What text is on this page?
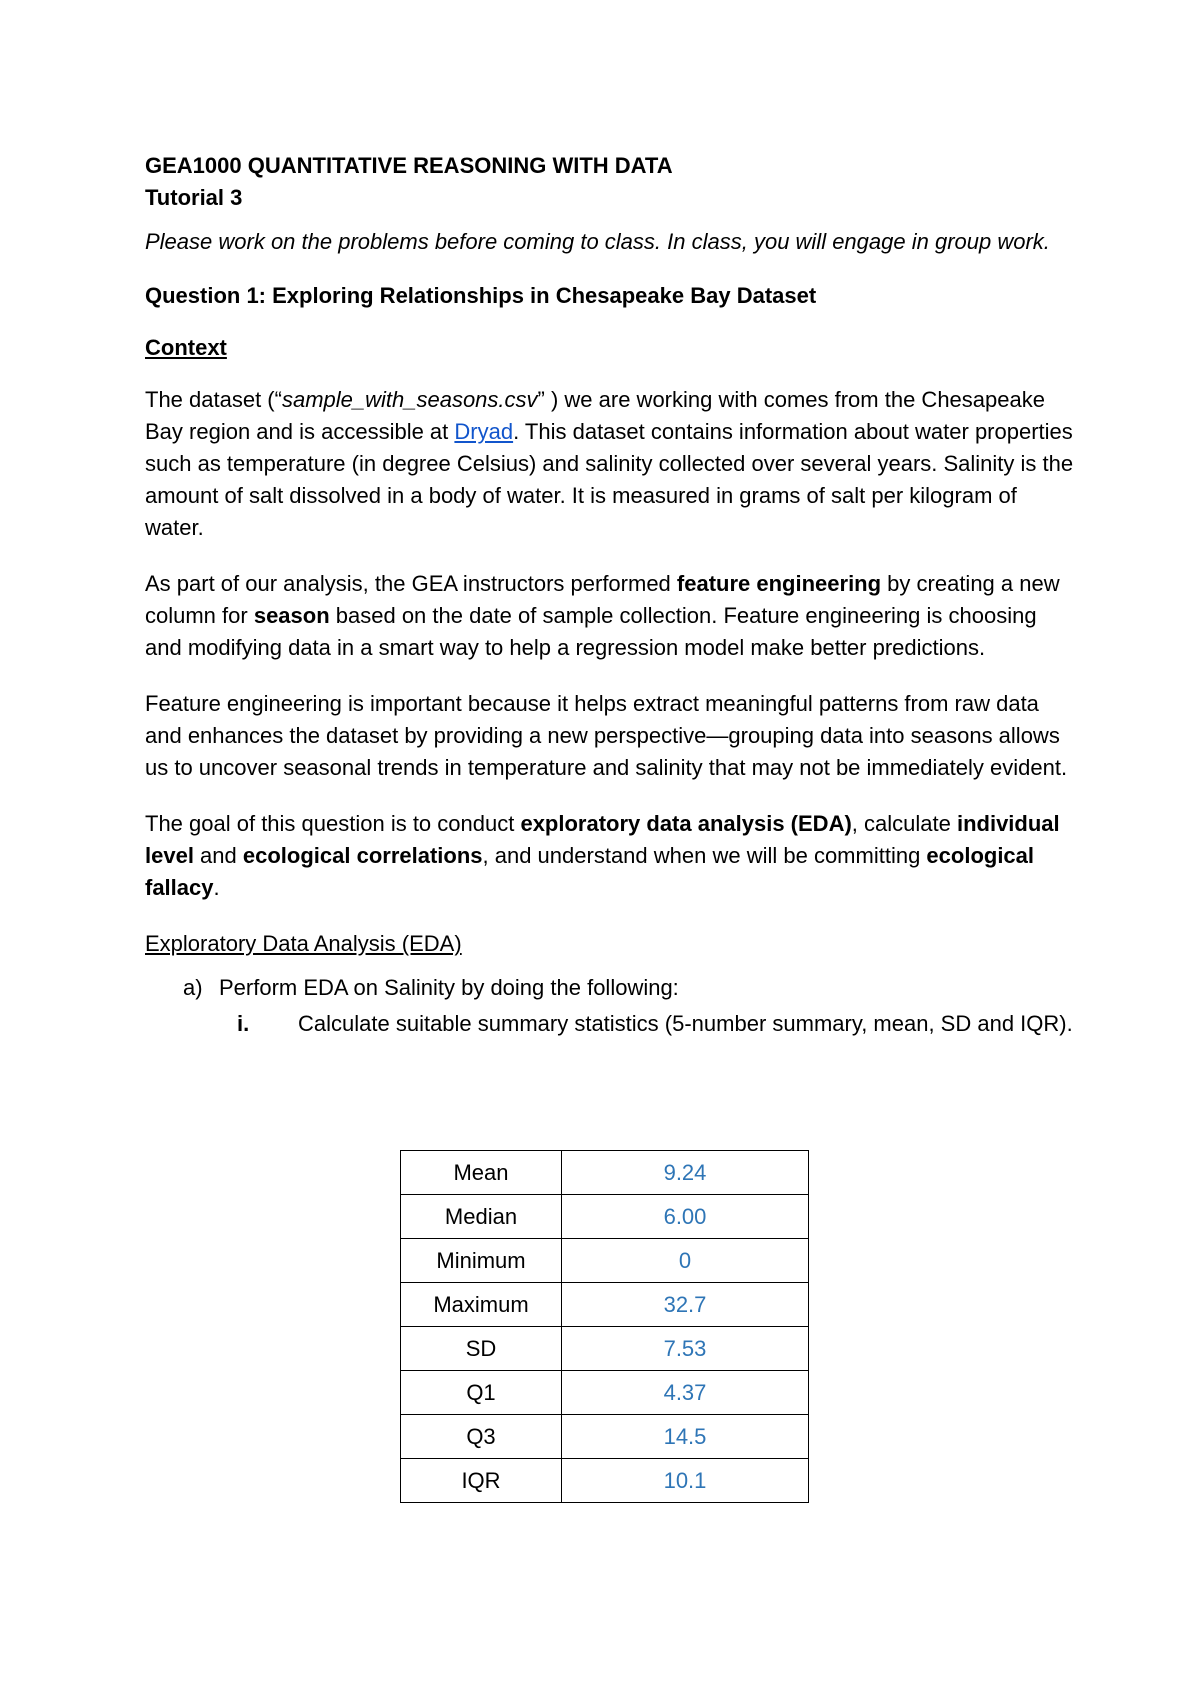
GEA1000 QUANTITATIVE REASONING WITH DATA
Tutorial 3

Please work on the problems before coming to class. In class, you will engage in group work.

Question 1: Exploring Relationships in Chesapeake Bay Dataset

Context

The dataset (“sample_with_seasons.csv” ) we are working with comes from the Chesapeake Bay region and is accessible at Dryad. This dataset contains information about water properties such as temperature (in degree Celsius) and salinity collected over several years. Salinity is the amount of salt dissolved in a body of water. It is measured in grams of salt per kilogram of water.

As part of our analysis, the GEA instructors performed feature engineering by creating a new column for season based on the date of sample collection. Feature engineering is choosing and modifying data in a smart way to help a regression model make better predictions.

Feature engineering is important because it helps extract meaningful patterns from raw data and enhances the dataset by providing a new perspective—grouping data into seasons allows us to uncover seasonal trends in temperature and salinity that may not be immediately evident.

The goal of this question is to conduct exploratory data analysis (EDA), calculate individual level and ecological correlations, and understand when we will be committing ecological fallacy.

Exploratory Data Analysis (EDA)

a) Perform EDA on Salinity by doing the following:
i. Calculate suitable summary statistics (5-number summary, mean, SD and IQR).
Mean	9.24
Median	6.00
Minimum	0
Maximum	32.7
SD	7.53
Q1	4.37
Q3	14.5
IQR	10.1
